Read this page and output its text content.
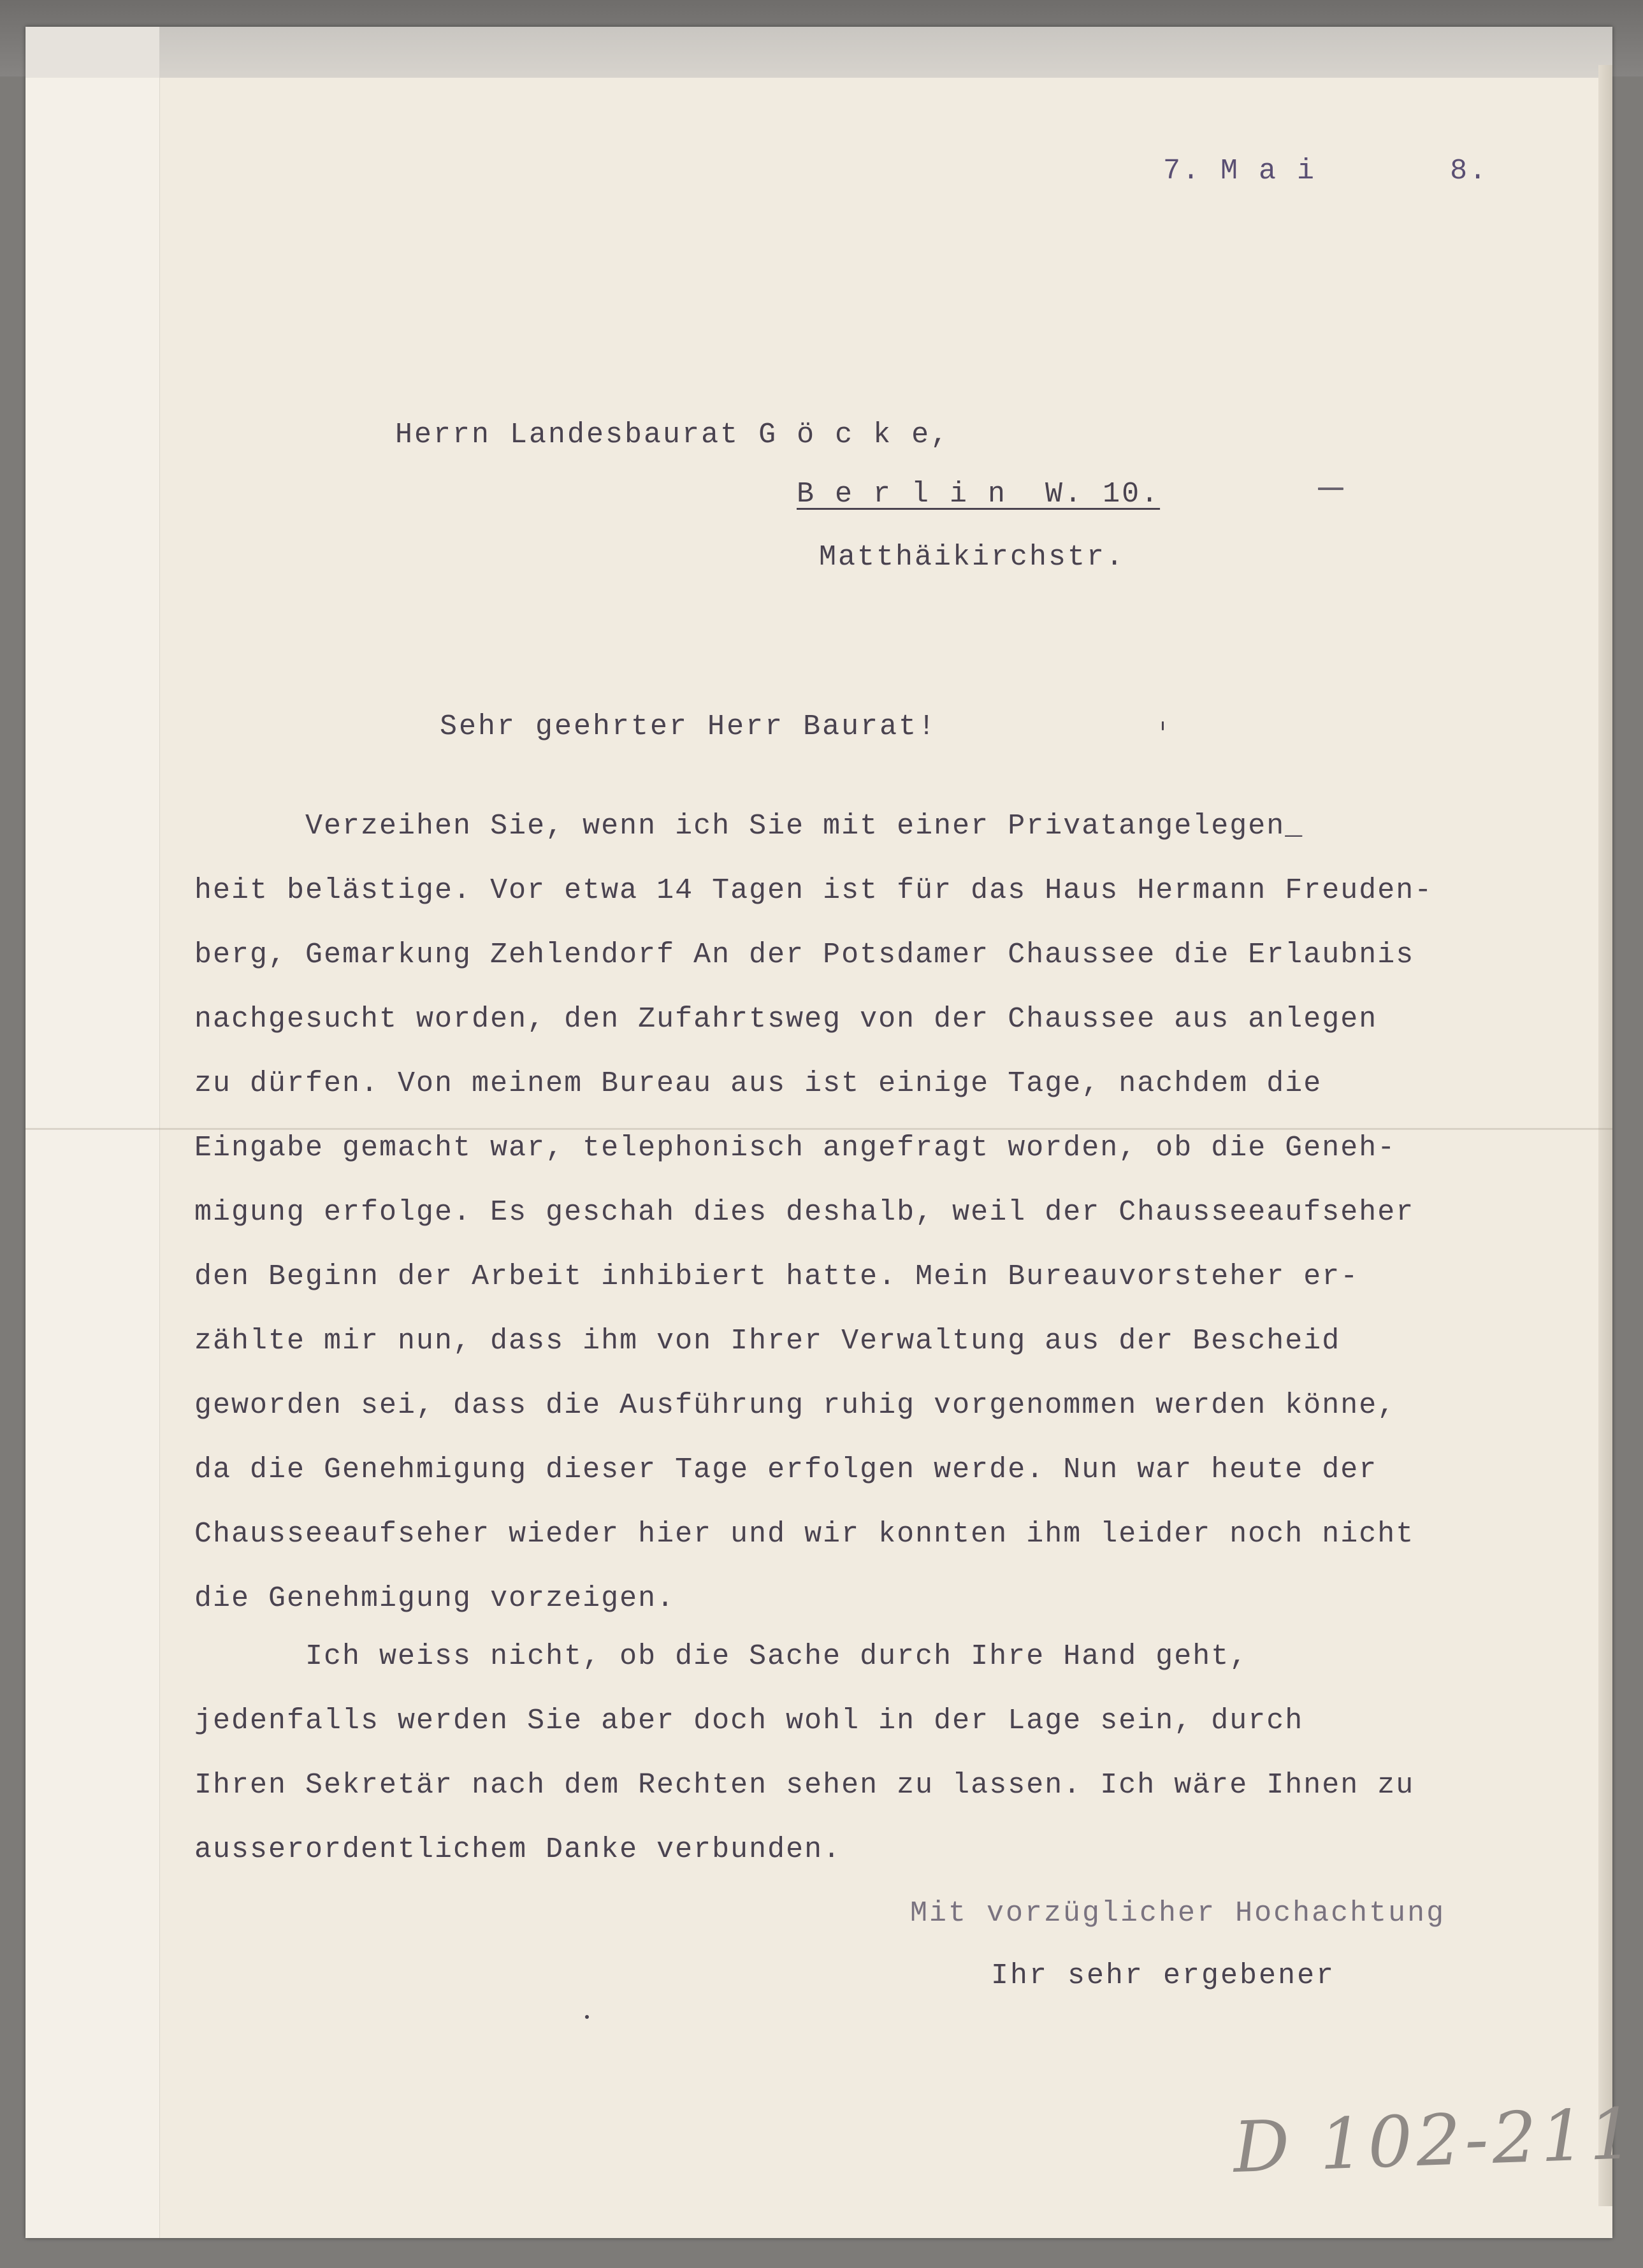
7. M a i       8.
Herrn Landesbaurat G ö c k e,
B e r l i n  W. 10.
Matthäikirchstr.
Sehr geehrter Herr Baurat!
Verzeihen Sie, wenn ich Sie mit einer Privatangelegen_
heit belästige. Vor etwa 14 Tagen ist für das Haus Hermann Freuden-
berg, Gemarkung Zehlendorf An der Potsdamer Chaussee die Erlaubnis
nachgesucht worden, den Zufahrtsweg von der Chaussee aus anlegen
zu dürfen. Von meinem Bureau aus ist einige Tage, nachdem die
Eingabe gemacht war, telephonisch angefragt worden, ob die Geneh-
migung erfolge. Es geschah dies deshalb, weil der Chausseeaufseher
den Beginn der Arbeit inhibiert hatte. Mein Bureauvorsteher er-
zählte mir nun, dass ihm von Ihrer Verwaltung aus der Bescheid
geworden sei, dass die Ausführung ruhig vorgenommen werden könne,
da die Genehmigung dieser Tage erfolgen werde. Nun war heute der
Chausseeaufseher wieder hier und wir konnten ihm leider noch nicht
die Genehmigung vorzeigen.
Ich weiss nicht, ob die Sache durch Ihre Hand geht,
jedenfalls werden Sie aber doch wohl in der Lage sein, durch
Ihren Sekretär nach dem Rechten sehen zu lassen. Ich wäre Ihnen zu
ausserordentlichem Danke verbunden.
Mit vorzüglicher Hochachtung
Ihr sehr ergebener
D 102-211
